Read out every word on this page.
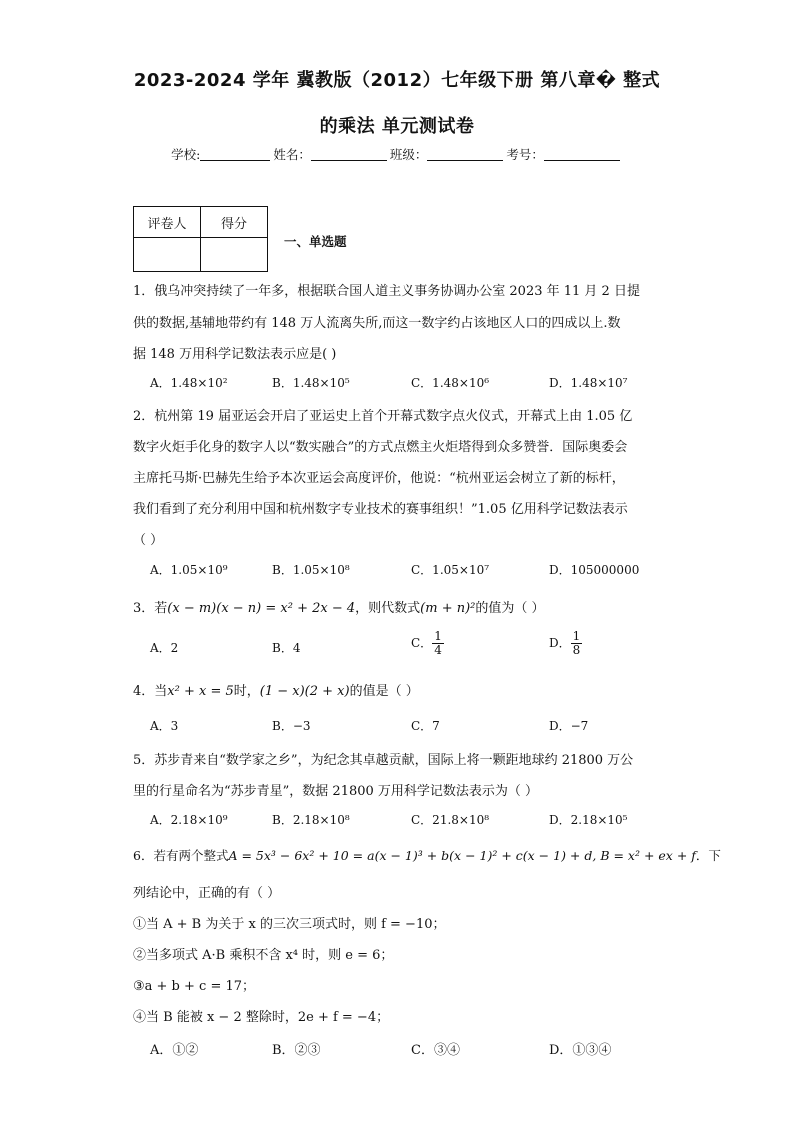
2023-2024 学年 冀教版（2012）七年级下册 第八章� 整式
的乘法 单元测试卷
学校:	姓名：	班级：	考号：
评卷人	得分

一、单选题
1．俄乌冲突持续了一年多，根据联合国人道主义事务协调办公室 2023 年 11 月 2 日提
供的数据,基辅地带约有 148 万人流离失所,而这一数字约占该地区人口的四成以上.数
据 148 万用科学记数法表示应是( )
A．1.48×10²	B．1.48×10⁵	C．1.48×10⁶	D．1.48×10⁷
2．杭州第 19 届亚运会开启了亚运史上首个开幕式数字点火仪式，开幕式上由 1.05 亿
数字火炬手化身的数字人以“数实融合”的方式点燃主火炬塔得到众多赞誉．国际奥委会
主席托马斯·巴赫先生给予本次亚运会高度评价，他说：“杭州亚运会树立了新的标杆，
我们看到了充分利用中国和杭州数字专业技术的赛事组织！”1.05 亿用科学记数法表示
（ ）
A．1.05×10⁹	B．1.05×10⁸	C．1.05×10⁷	D．105000000
3．若(x − m)(x − n) = x² + 2x − 4，则代数式(m + n)²的值为（ ）
A．2	B．4	C． $\frac{1}{4}$	D． $\frac{1}{8}$
4．当x² + x = 5时，(1 − x)(2 + x)的值是（ ）
A．3	B．−3	C．7	D．−7
5．苏步青来自“数学家之乡”，为纪念其卓越贡献，国际上将一颗距地球约 21800 万公
里的行星命名为“苏步青星”，数据 21800 万用科学记数法表示为（ ）
A．2.18×10⁹	B．2.18×10⁸	C．21.8×10⁸	D．2.18×10⁵
6．若有两个整式A = 5x³ − 6x² + 10 = a(x − 1)³ + b(x − 1)² + c(x − 1) + d, B = x² + ex + f．下
列结论中，正确的有（ ）
①当 A + B 为关于 x 的三次三项式时，则 f = −10；
②当多项式 A·B 乘积不含 x⁴ 时，则 e = 6；
③a + b + c = 17；
④当 B 能被 x − 2 整除时，2e + f = −4；
A．①②	B．②③	C．③④	D．①③④
